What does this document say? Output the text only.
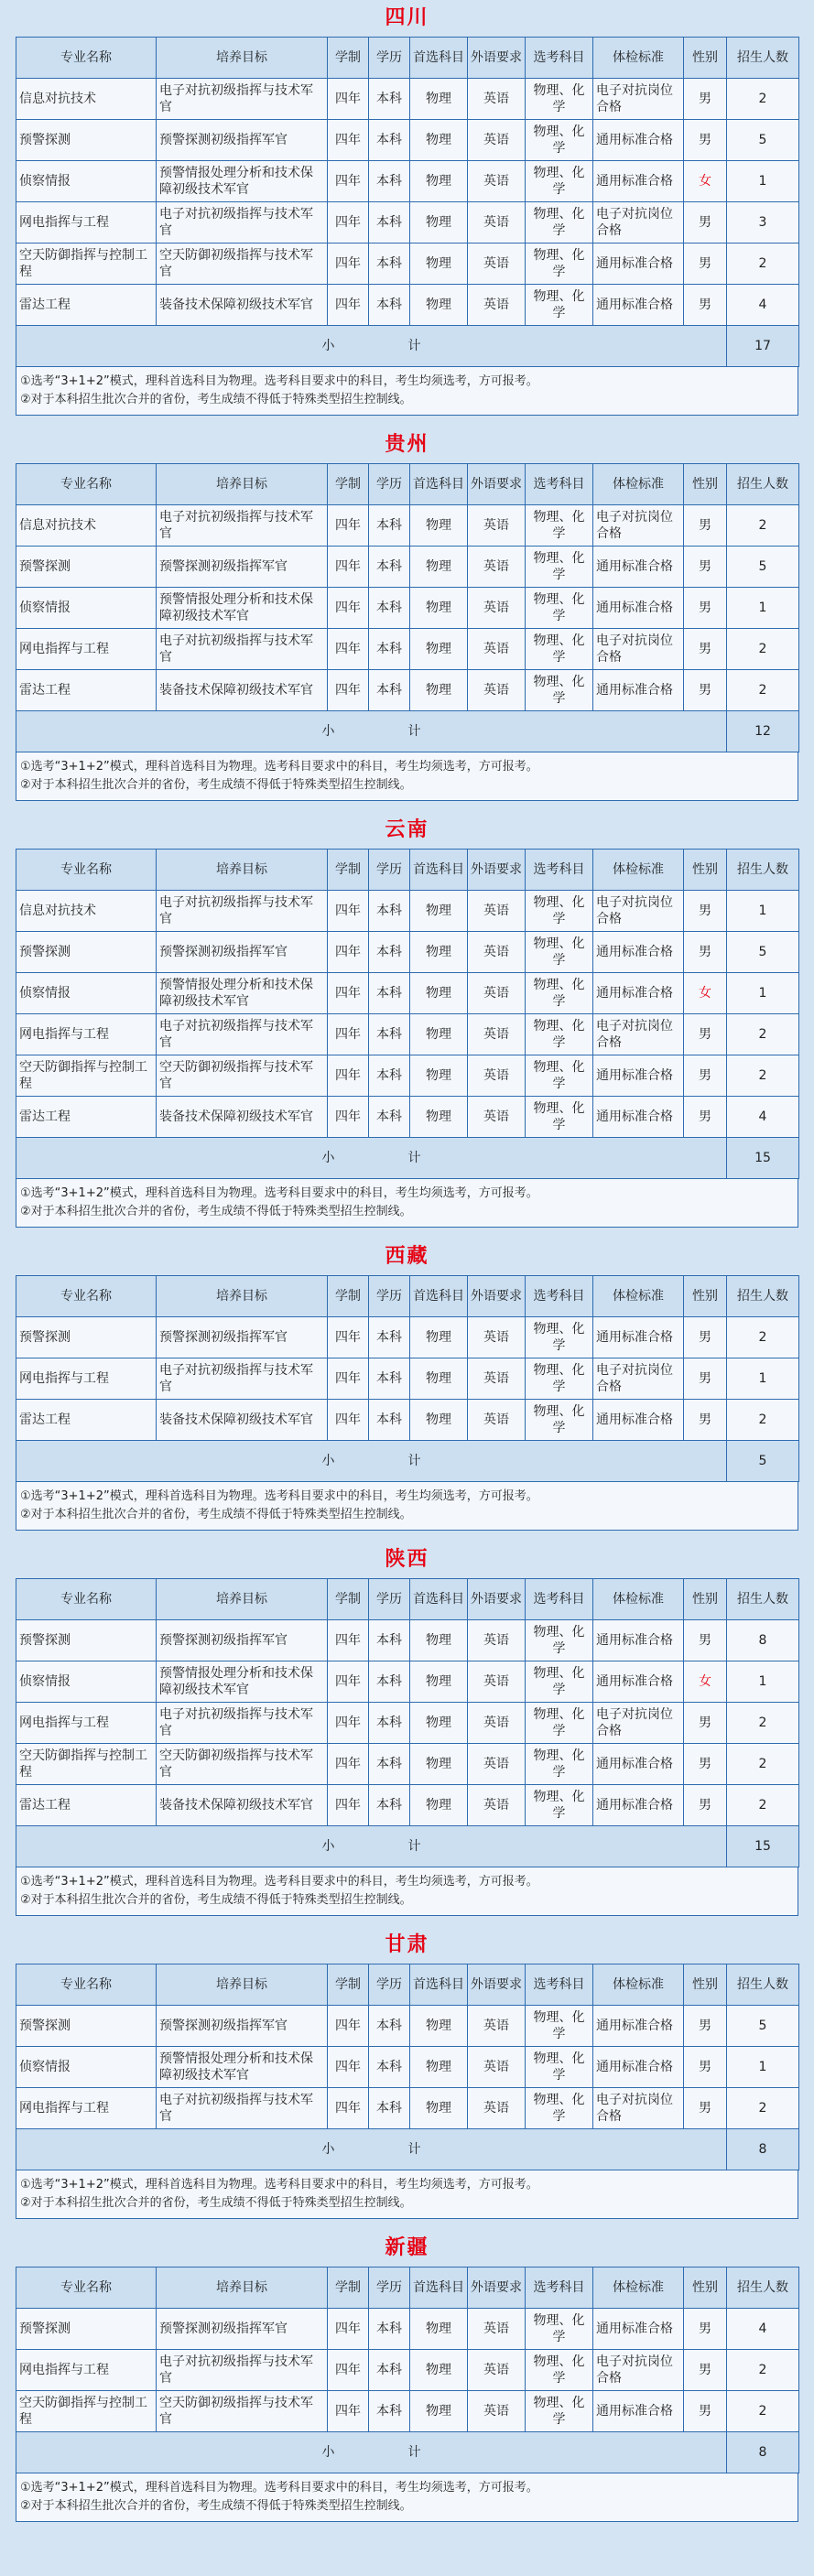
四川
专业名称	培养目标	学制	学历	首选科目	外语要求	选考科目	体检标准	性别	招生人数
信息对抗技术	电子对抗初级指挥与技术军官	四年	本科	物理	英语	物理、化学	电子对抗岗位合格	男	2
预警探测	预警探测初级指挥军官	四年	本科	物理	英语	物理、化学	通用标准合格	男	5
侦察情报	预警情报处理分析和技术保障初级技术军官	四年	本科	物理	英语	物理、化学	通用标准合格	女	1
网电指挥与工程	电子对抗初级指挥与技术军官	四年	本科	物理	英语	物理、化学	电子对抗岗位合格	男	3
空天防御指挥与控制工程	空天防御初级指挥与技术军官	四年	本科	物理	英语	物理、化学	通用标准合格	男	2
雷达工程	装备技术保障初级技术军官	四年	本科	物理	英语	物理、化学	通用标准合格	男	4
小 计									17
①选考“3+1+2”模式，理科首选科目为物理。选考科目要求中的科目，考生均须选考，方可报考。
②对于本科招生批次合并的省份，考生成绩不得低于特殊类型招生控制线。
贵州
专业名称	培养目标	学制	学历	首选科目	外语要求	选考科目	体检标准	性别	招生人数
信息对抗技术	电子对抗初级指挥与技术军官	四年	本科	物理	英语	物理、化学	电子对抗岗位合格	男	2
预警探测	预警探测初级指挥军官	四年	本科	物理	英语	物理、化学	通用标准合格	男	5
侦察情报	预警情报处理分析和技术保障初级技术军官	四年	本科	物理	英语	物理、化学	通用标准合格	男	1
网电指挥与工程	电子对抗初级指挥与技术军官	四年	本科	物理	英语	物理、化学	电子对抗岗位合格	男	2
雷达工程	装备技术保障初级技术军官	四年	本科	物理	英语	物理、化学	通用标准合格	男	2
小 计									12
①选考“3+1+2”模式，理科首选科目为物理。选考科目要求中的科目，考生均须选考，方可报考。
②对于本科招生批次合并的省份，考生成绩不得低于特殊类型招生控制线。
云南
专业名称	培养目标	学制	学历	首选科目	外语要求	选考科目	体检标准	性别	招生人数
信息对抗技术	电子对抗初级指挥与技术军官	四年	本科	物理	英语	物理、化学	电子对抗岗位合格	男	1
预警探测	预警探测初级指挥军官	四年	本科	物理	英语	物理、化学	通用标准合格	男	5
侦察情报	预警情报处理分析和技术保障初级技术军官	四年	本科	物理	英语	物理、化学	通用标准合格	女	1
网电指挥与工程	电子对抗初级指挥与技术军官	四年	本科	物理	英语	物理、化学	电子对抗岗位合格	男	2
空天防御指挥与控制工程	空天防御初级指挥与技术军官	四年	本科	物理	英语	物理、化学	通用标准合格	男	2
雷达工程	装备技术保障初级技术军官	四年	本科	物理	英语	物理、化学	通用标准合格	男	4
小 计									15
①选考“3+1+2”模式，理科首选科目为物理。选考科目要求中的科目，考生均须选考，方可报考。
②对于本科招生批次合并的省份，考生成绩不得低于特殊类型招生控制线。
西藏
专业名称	培养目标	学制	学历	首选科目	外语要求	选考科目	体检标准	性别	招生人数
预警探测	预警探测初级指挥军官	四年	本科	物理	英语	物理、化学	通用标准合格	男	2
网电指挥与工程	电子对抗初级指挥与技术军官	四年	本科	物理	英语	物理、化学	电子对抗岗位合格	男	1
雷达工程	装备技术保障初级技术军官	四年	本科	物理	英语	物理、化学	通用标准合格	男	2
小 计									5
①选考“3+1+2”模式，理科首选科目为物理。选考科目要求中的科目，考生均须选考，方可报考。
②对于本科招生批次合并的省份，考生成绩不得低于特殊类型招生控制线。
陕西
专业名称	培养目标	学制	学历	首选科目	外语要求	选考科目	体检标准	性别	招生人数
预警探测	预警探测初级指挥军官	四年	本科	物理	英语	物理、化学	通用标准合格	男	8
侦察情报	预警情报处理分析和技术保障初级技术军官	四年	本科	物理	英语	物理、化学	通用标准合格	女	1
网电指挥与工程	电子对抗初级指挥与技术军官	四年	本科	物理	英语	物理、化学	电子对抗岗位合格	男	2
空天防御指挥与控制工程	空天防御初级指挥与技术军官	四年	本科	物理	英语	物理、化学	通用标准合格	男	2
雷达工程	装备技术保障初级技术军官	四年	本科	物理	英语	物理、化学	通用标准合格	男	2
小 计									15
①选考“3+1+2”模式，理科首选科目为物理。选考科目要求中的科目，考生均须选考，方可报考。
②对于本科招生批次合并的省份，考生成绩不得低于特殊类型招生控制线。
甘肃
专业名称	培养目标	学制	学历	首选科目	外语要求	选考科目	体检标准	性别	招生人数
预警探测	预警探测初级指挥军官	四年	本科	物理	英语	物理、化学	通用标准合格	男	5
侦察情报	预警情报处理分析和技术保障初级技术军官	四年	本科	物理	英语	物理、化学	通用标准合格	男	1
网电指挥与工程	电子对抗初级指挥与技术军官	四年	本科	物理	英语	物理、化学	电子对抗岗位合格	男	2
小 计									8
①选考“3+1+2”模式，理科首选科目为物理。选考科目要求中的科目，考生均须选考，方可报考。
②对于本科招生批次合并的省份，考生成绩不得低于特殊类型招生控制线。
新疆
专业名称	培养目标	学制	学历	首选科目	外语要求	选考科目	体检标准	性别	招生人数
预警探测	预警探测初级指挥军官	四年	本科	物理	英语	物理、化学	通用标准合格	男	4
网电指挥与工程	电子对抗初级指挥与技术军官	四年	本科	物理	英语	物理、化学	电子对抗岗位合格	男	2
空天防御指挥与控制工程	空天防御初级指挥与技术军官	四年	本科	物理	英语	物理、化学	通用标准合格	男	2
小 计									8
①选考“3+1+2”模式，理科首选科目为物理。选考科目要求中的科目，考生均须选考，方可报考。
②对于本科招生批次合并的省份，考生成绩不得低于特殊类型招生控制线。
